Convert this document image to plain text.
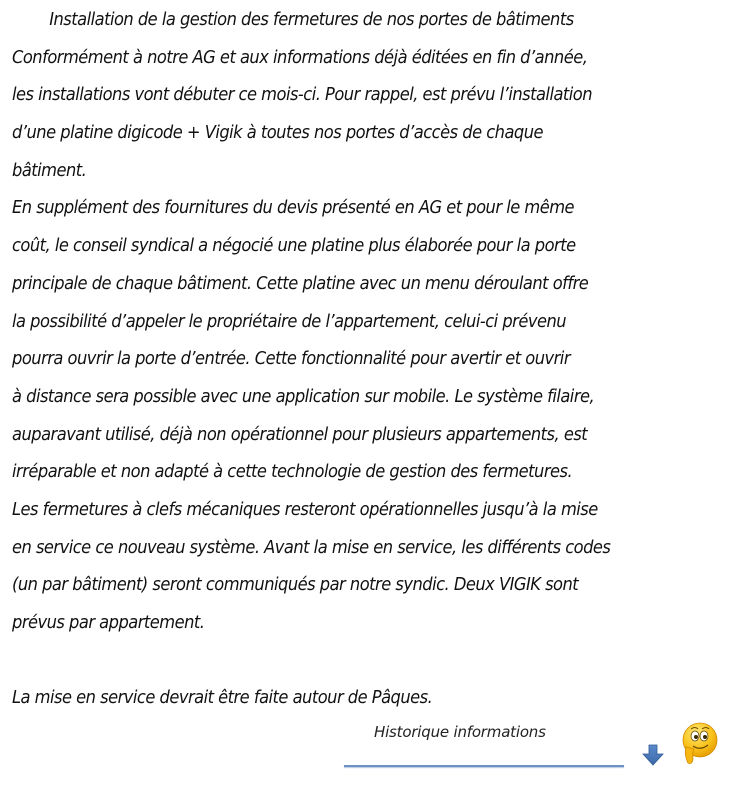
Installation de la gestion des fermetures de nos portes de bâtiments
Conformément à notre AG et aux informations déjà éditées en fin d’année,
les installations vont débuter ce mois-ci. Pour rappel, est prévu l’installation
d’une platine digicode + Vigik à toutes nos portes d’accès de chaque
bâtiment.
En supplément des fournitures du devis présenté en AG et pour le même
coût, le conseil syndical a négocié une platine plus élaborée pour la porte
principale de chaque bâtiment. Cette platine avec un menu déroulant offre
la possibilité d’appeler le propriétaire de l’appartement, celui-ci prévenu
pourra ouvrir la porte d’entrée. Cette fonctionnalité pour avertir et ouvrir
à distance sera possible avec une application sur mobile. Le système filaire,
auparavant utilisé, déjà non opérationnel pour plusieurs appartements, est
irréparable et non adapté à cette technologie de gestion des fermetures.
Les fermetures à clefs mécaniques resteront opérationnelles jusqu’à la mise
en service ce nouveau système. Avant la mise en service, les différents codes
(un par bâtiment) seront communiqués par notre syndic. Deux VIGIK sont
prévus par appartement.
La mise en service devrait être faite autour de Pâques.
Historique informations
